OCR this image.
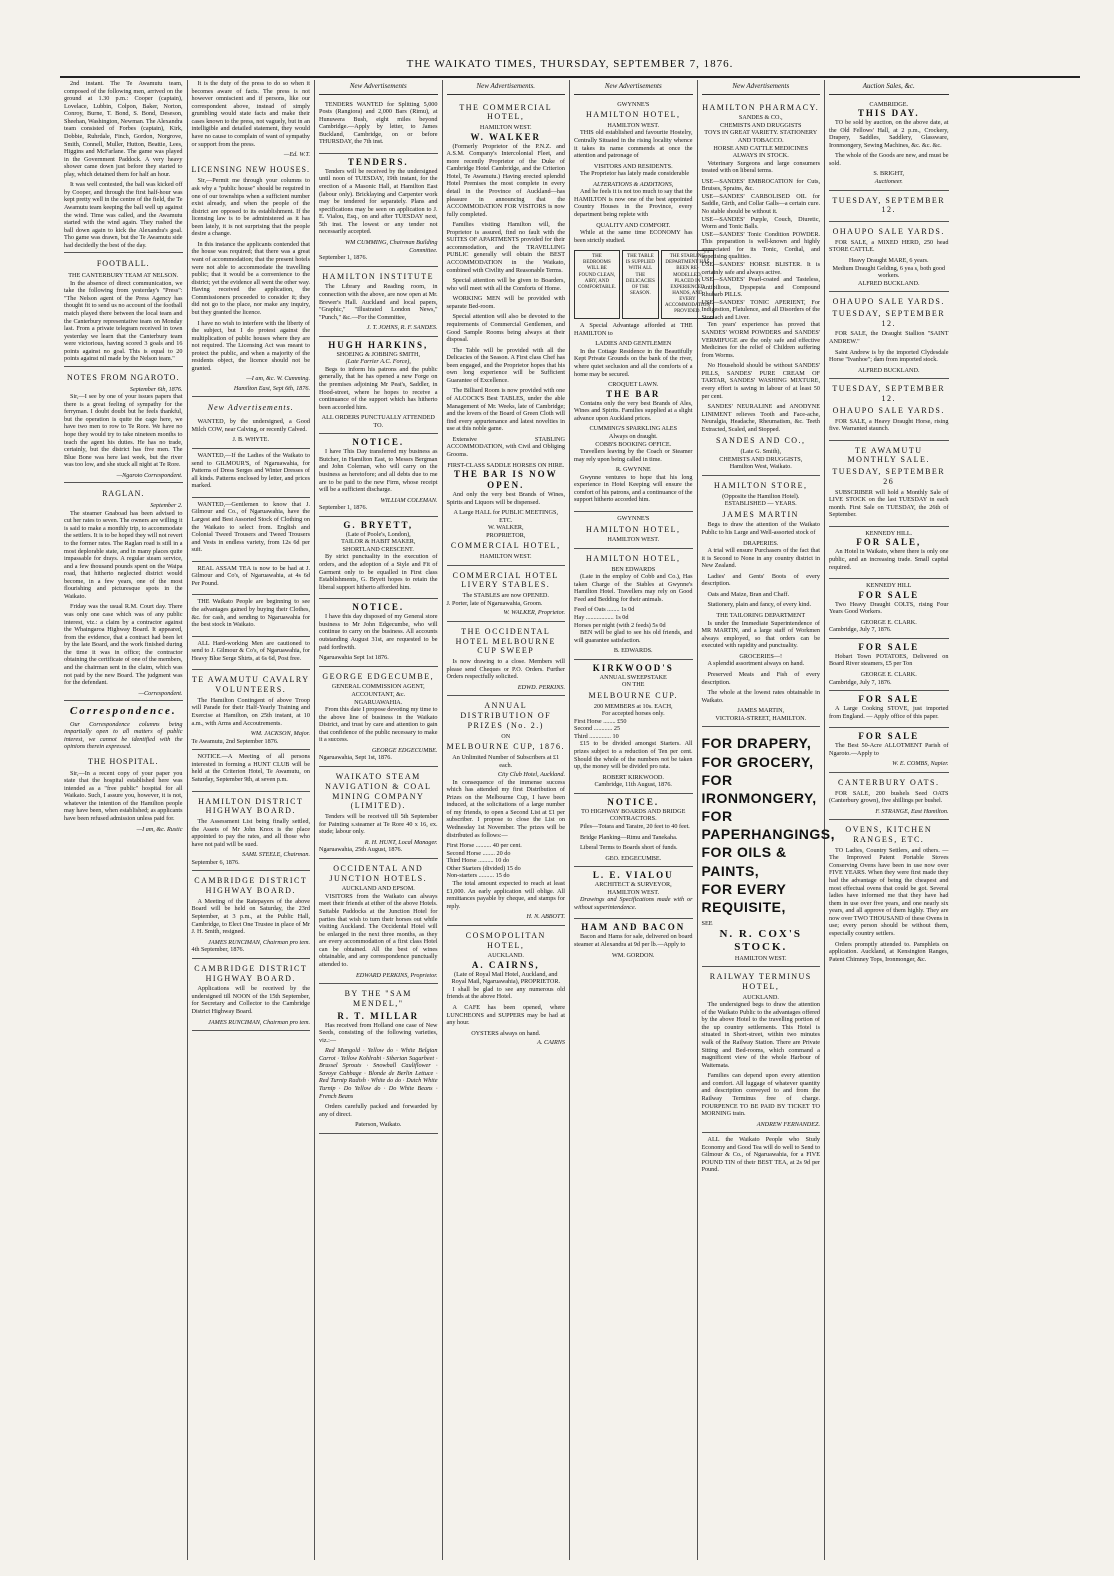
THE WAIKATO TIMES, THURSDAY, SEPTEMBER 7, 1876.

2nd instant. The Te Awamutu team, composed of the following men, arrived on the ground at 1.30 p.m.: Cooper (captain), Lovelace, Lubbin, Colpon, Baker, Norton, Conroy, Burne, T. Bond, S. Bond, Deseson, Sheehan, Washington, Newman. The Alexandra team consisted of Forbes (captain), Kirk, Dobbie, Ruhrdale, Finch, Gordon, Norgrove, Smith, Connell, Muller, Hutton, Beattie, Lees, Higgins and McFarlane. The game was played in the Government Paddock. A very heavy shower came down just before they started to play, which detained them for half an hour.

It was well contested, the ball was kicked off by Cooper, and through the first half-hour was kept pretty well in the centre of the field, the Te Awamutu team keeping the ball well up against the wind. Time was called, and the Awamutu started with the wind again. They rushed the ball down again to kick the Alexandra's goal. Tho game was drawn, but the Te Awamutu side had decidedly the best of the day.

FOOTBALL.
THE CANTERBURY TEAM AT NELSON.

In the absence of direct communication, we take the following from yesterday's "Press": "The Nelson agent of the Press Agency has thought fit to send us no account of the football match played there between the local team and the Canterbury representative team on Monday last. From a private telegram received in town yesterday we learn that the Canterbury team were victorious, having scored 3 goals and 16 points against no goal. This is equal to 20 points against nil made by the Nelson team."

NOTES FROM NGAROTO.
September 6th, 1876.

Sir,—I see by one of your issues papers that there is a great feeling of sympathy for the ferryman. I doubt doubt but he feels thankful, but the operation is quite the cage here, we have two men to row to Te Rore. We have no hope they would try to take nineteen months to teach the agent his duties. He has no trade, certainly, but the district has five men. The Blue Bone was here last week, but the river was too low, and she stuck all night at Te Rore.

—Ngaroto Correspondent.
RAGLAN.
September 2.

The steamer Gnaboad has been advised to cut her rates to seven. The owners are willing it is said to make a monthly trip, to accommodate the settlers. It is to be hoped they will not revert to the former rates. The Raglan road is still in a most deplorable state, and in many places quite impassable for drays. A regular steam service, and a few thousand pounds spent on the Waipa road, that hitherto neglected district would become, in a few years, one of the most flourishing and picturesque spots in the Waikato.

Friday was the usual R.M. Court day. There was only one case which was of any public interest, viz.: a claim by a contractor against the Whaingaroa Highway Board. It appeared, from the evidence, that a contract had been let by the late Board, and the work finished during the time it was in office; the contractor obtaining the certificate of one of the members, and the chairman sent in the claim, which was not paid by the new Board. The judgment was for the defendant.

—Correspondent.
Correspondence.

Our Correspondence columns being impartially open to all matters of public interest, we cannot be identified with the opinions therein expressed.

THE HOSPITAL.

Sir,—In a recent copy of your paper you state that the hospital established here was intended as a "free public" hospital for all Waikato. Such, I assure you, however, it is not, whatever the intention of the Hamilton people may have been, when established; as applicants have been refused admission unless paid for.

—I am, &c. Rustic

It is the duty of the press to do so when it becomes aware of facts. The press is not however omniscient and if persons, like our correspondent above, instead of simply grumbling would state facts and make their cases known to the press, not vaguely, but in an intelligible and detailed statement, they would have no cause to complain of want of sympathy or support from the press.

—Ed. W.T.
LICENSING NEW HOUSES.

Sir,—Permit me through your columns to ask why a "public house" should be required in one of our townships when a sufficient number exist already, and when the people of the district are opposed to its establishment. If the licensing law is to be administered as it has been lately, it is not surprising that the people desire a change.

In this instance the applicants contended that the house was required; that there was a great want of accommodation; that the present hotels were not able to accommodate the travelling public; that it would be a convenience to the district; yet the evidence all went the other way. Having received the application, the Commissioners proceeded to consider it; they did not go to the place, nor make any inquiry, but they granted the licence.

I have no wish to interfere with the liberty of the subject, but I do protest against the multiplication of public houses where they are not required. The Licensing Act was meant to protect the public, and when a majority of the residents object, the licence should not be granted.

—I am, &c. W. Cumming.
Hamilton East, Sept 6th, 1876.
New Advertisements.

WANTED, by the undersigned, a Good Milch COW, near Calving, or recently Calved.

J. B. WHYTE.

WANTED,—If the Ladies of the Waikato to send to GILMOUR'S, of Ngaruawahia, for Patterns of Dress Serges and Winter Dresses of all kinds. Patterns enclosed by letter, and prices marked.

WANTED,—Gentlemen to know that J. Gilmour and Co., of Ngaruawahia, have the Largest and Best Assorted Stock of Clothing on the Waikato to select from. English and Colonial Tweed Trousers and Tweed Trousers and Vests in endless variety, from 12s 6d per suit.

REAL ASSAM TEA is now to be had at J. Gilmour and Co's, of Ngaruawahia, at 4s 6d Per Pound.

THE Waikato People are beginning to see the advantages gained by buying their Clothes, &c. for cash, and sending to Ngaruawahia for the best stock in Waikato.

ALL Hard-working Men are cautioned to send to J. Gilmour & Co's, of Ngaruawahia, for Heavy Blue Serge Shirts, at 6s 6d, Post free.

TE AWAMUTU CAVALRY VOLUNTEERS.

The Hamilton Contingent of above Troop will Parade for their Half-Yearly Training and Exercise at Hamilton, on 25th instant, at 10 a.m., with Arms and Accoutrements.

WM. JACKSON, Major.
Te Awamutu, 2nd September 1876.

NOTICE.—A Meeting of all persons interested in forming a HUNT CLUB will be held at the Criterion Hotel, Te Awamutu, on Saturday, September 9th, at seven p.m.

HAMILTON DISTRICT HIGHWAY BOARD.

The Assessment List being finally settled, the Assets of Mr John Knox is the place appointed to pay the rates, and all those who have not paid will be sued.

SAML STEELE, Chairman.
September 6, 1876.
CAMBRIDGE DISTRICT HIGHWAY BOARD.

A Meeting of the Ratepayers of the above Board will be held on Saturday, the 23rd September, at 3 p.m., at the Public Hall, Cambridge, to Elect One Trustee in place of Mr J. H. Smith, resigned.

JAMES RUNCIMAN, Chairman pro tem.
4th September, 1876.
CAMBRIDGE DISTRICT HIGHWAY BOARD.

Applications will be received by the undersigned till NOON of the 15th September, for Secretary and Collector to the Cambridge District Highway Board.

JAMES RUNCIMAN, Chairman pro tem.
New Advertisements

TENDERS WANTED for Splitting 5,000 Posts (Rangiora) and 2,000 Bars (Rimu), at Hunuwera Bush, eight miles beyond Cambridge.—Apply by letter, to James Buckland, Cambridge, on or before THURSDAY, the 7th inst.

TENDERS.

Tenders will be received by the undersigned until noon of TUESDAY, 19th instant, for the erection of a Masonic Hall, at Hamilton East (labour only). Bricklaying and Carpenter work may be tendered for separately. Plans and specifications may be seen on application to J. E. Vialou, Esq., on and after TUESDAY next, 5th inst. The lowest or any tender not necessarily accepted.

WM CUMMING, Chairman Building Committee.
September 1, 1876.
HAMILTON INSTITUTE

The Library and Reading room, in connection with the above, are now open at Mr. Brewer's Hall. Auckland and local papers, "Graphic," "Illustrated London News," "Punch," &c.—For the Committee,

J. T. JOHNS, R. F. SANDES.
HUGH HARKINS,
SHOEING & JOBBING SMITH,
(Late Farrier A.C. Force),

Begs to inform his patrons and the public generally, that he has opened a new Forge on the premises adjoining Mr Peat's, Saddler, in Hood-street, where he hopes to receive a continuance of the support which has hitherto been accorded him.

ALL ORDERS PUNCTUALLY ATTENDED TO.
NOTICE.

I have This Day transferred my business as Butcher, in Hamilton East, to Messrs Bergman and John Coleman, who will carry on the business as heretofore; and all debts due to me are to be paid to the new Firm, whose receipt will be a sufficient discharge.

WILLIAM COLEMAN.
September 1, 1876.
G. BRYETT,
(Late of Poole's, London),
TAILOR & HABIT MAKER,
SHORTLAND CRESCENT.

By strict punctuality in the execution of orders, and the adoption of a Style and Fit of Garment only to be equalled in First class Establishments, G. Bryett hopes to retain the liberal support hitherto afforded him.

NOTICE.

I have this day disposed of my General store business to Mr John Edgecumbe, who will continue to carry on the business. All accounts outstanding August 31st, are requested to be paid forthwith.

Ngaruawahia Sept 1st 1876.
GEORGE EDGECUMBE,
GENERAL COMMISSION AGENT, ACCOUNTANT, &c.
NGARUAWAHIA.

From this date I propose devoting my time to the above line of business in the Waikato District, and trust by care and attention to gain that confidence of the public necessary to make it a success.

GEORGE EDGECUMBE.
Ngaruawahia, Sept 1st, 1876.
WAIKATO STEAM NAVIGATION & COAL MINING COMPANY (LIMITED).

Tenders will be received till 5th September for Painting s.steamer at Te Rore 40 x 16, ex. stude; labour only.

R. H. HUNT, Local Manager.
Ngaruawahia, 25th August, 1876.
OCCIDENTAL AND JUNCTION HOTELS.
AUCKLAND AND EPSOM.

VISITORS from the Waikato can always meet their friends at either of the above Hotels. Suitable Paddocks at the Junction Hotel for parties that wish to turn their horses out while visiting Auckland. The Occidental Hotel will be enlarged in the next three months, as they are every accommodation of a first class Hotel can be obtained. All the best of wines obtainable, and any correspondence punctually attended to.

EDWARD PERKINS, Proprietor.
BY THE "SAM MENDEL,"
R. T. MILLAR

Has received from Holland one case of New Seeds, consisting of the following varieties, viz.:—

Red Mangold · Yellow do · White Belgian Carrot · Yellow Kohlrabi · Siberian Sugarbeet · Brussel Sprouts · Snowball Cauliflower · Savoye Cabbage · Blonde de Berlin Lettuce · Red Turnip Radish · White do do · Dutch White Turnip · Do Yellow do · Do White Beans · French Beans

Orders carefully packed and forwarded by any of direct.

Paterson, Waikato.
New Advertisements.
THE COMMERCIAL HOTEL,
HAMILTON WEST.
W. WALKER

(Formerly Proprietor of the P.N.Z. and A.S.M. Company's Intercolonial Fleet, and more recently Proprietor of the Duke of Cambridge Hotel Cambridge, and the Criterion Hotel, Te Awamutu.) Having erected splendid Hotel Premises the most complete in every detail in the Province of Auckland—has pleasure in announcing that the ACCOMMODATION FOR VISITORS is now fully completed.

Families visiting Hamilton will, the Proprietor is assured, find no fault with the SUITES OF APARTMENTS provided for their accommodation, and the TRAVELLING PUBLIC generally will obtain the BEST ACCOMMODATION in the Waikato, combined with Civility and Reasonable Terms.

Special attention will be given to Boarders, who will meet with all the Comforts of Home.

WORKING MEN will be provided with separate Bed-room.

Special attention will also be devoted to the requirements of Commercial Gentlemen, and Good Sample Rooms being always at their disposal.

The Table will be provided with all the Delicacies of the Season. A First class Chef has been engaged, and the Proprietor hopes that his own long experience will be Sufficient Guarantee of Excellence.

The Billiard Room is now provided with one of ALCOCK'S Best TABLES, under the able Management of Mr. Weeks, late of Cambridge; and the lovers of the Board of Green Cloth will find every appurtenance and latest novelties in use at this noble game.

Extensive STABLING ACCOMMODATION, with Civil and Obliging Grooms.

FIRST-CLASS SADDLE HORSES ON HIRE.
THE BAR IS NOW OPEN.

And only the very best Brands of Wines, Spirits and Liquors will be dispensed.

A Large HALL for PUBLIC MEETINGS, ETC.
W. WALKER,
PROPRIETOR,
COMMERCIAL HOTEL,
HAMILTON WEST.
COMMERCIAL HOTEL LIVERY STABLES.
The STABLES are now OPENED.
J. Porter, late of Ngaruawahia, Groom.
W. WALKER, Proprietor.
THE OCCIDENTAL HOTEL MELBOURNE CUP SWEEP

Is now drawing to a close. Members will please send Cheques or P.O. Orders. Further Orders respectfully solicited.

EDWD. PERKINS.
ANNUAL DISTRIBUTION OF PRIZES (No. 2.)
ON
MELBOURNE CUP, 1876.
An Unlimited Number of Subscribers at £1 each.
City Club Hotel, Auckland.

In consequence of the immense success which has attended my first Distribution of Prizes on the Melbourne Cup, I have been induced, at the solicitations of a large number of my friends, to open a Second List at £1 per subscriber. I propose to close the List on Wednesday 1st November. The prizes will be distributed as follows:—

First Horse .......... 40 per cent.
Second Horse ........ 20 do
Third Horse .......... 10 do
Other Starters (divided) 15 do
Non-starters .......... 15 do

The total amount expected to reach at least £1,000. An early application will oblige. All remittances payable by cheque, and stamps for reply.

H. N. ABBOTT.
COSMOPOLITAN HOTEL,
AUCKLAND.
A. CAIRNS,
(Late of Royal Mail Hotel, Auckland, and Royal Mail, Ngaruawahia), PROPRIETOR.

I shall be glad to see any numerous old friends at the above Hotel.

A CAFE has been opened, where LUNCHEONS and SUPPERS may be had at any hour.

OYSTERS always on hand.
A. CAIRNS
New Advertisements
GWYNNE'S
HAMILTON HOTEL,
HAMILTON WEST.

THIS old established and favourite Hostelry, Centrally Situated in the rising locality whence it takes its name commends at once the attention and patronage of

VISITORS AND RESIDENTS.

The Proprietor has lately made considerable

ALTERATIONS & ADDITIONS,

And he feels it is not too much to say that the HAMILTON is now one of the best appointed Country Houses in the Province, every department being replete with

QUALITY AND COMFORT.

While at the same time ECONOMY has been strictly studied.

THE BEDROOMS WILL BE FOUND CLEAN, AIRY, AND COMFORTABLE.
THE TABLE IS SUPPLIED WITH ALL THE DELICACIES OF THE SEASON.
THE STABLING DEPARTMENT HAS BEEN RE-MODELLED, PLACED IN EXPERIENCED HANDS, AND EVERY ACCOMMODATION PROVIDED.

A Special Advantage afforded at THE HAMILTON to

LADIES AND GENTLEMEN

In the Cottage Residence in the Beautifully Kept Private Grounds on the bank of the river, where quiet seclusion and all the comforts of a home may be secured.

CROQUET LAWN.
THE BAR

Contains only the very best Brands of Ales, Wines and Spirits. Families supplied at a slight advance upon Auckland prices.

CUMMING'S SPARKLING ALES
Always on draught.
COBB'S BOOKING OFFICE.

Travellers leaving by the Coach or Steamer may rely upon being called in time.

R. GWYNNE

Gwynne ventures to hope that his long experience in Hotel Keeping will ensure the comfort of his patrons, and a continuance of the support hitherto accorded him.

GWYNNE'S
HAMILTON HOTEL,
HAMILTON WEST.
HAMILTON HOTEL,
BEN EDWARDS

(Late in the employ of Cobb and Co.), Has taken Charge of the Stables at Gwynne's Hamilton Hotel. Travellers may rely on Good Feed and Bedding for their animals.

Feed of Oats ........ 1s 0d
Hay .................. 1s 0d
Horses per night (with 2 feeds) 5s 0d

BEN will be glad to see his old friends, and will guarantee satisfaction.

B. EDWARDS.
KIRKWOOD'S
ANNUAL SWEEPSTAKE
ON THE
MELBOURNE CUP.
200 MEMBERS at 10s. EACH,
For accepted horses only.
First Horse ........ £50
Second ............ 25
Third .............. 10

£15 to be divided amongst Starters. All prizes subject to a reduction of Ten per cent. Should the whole of the numbers not be taken up, the money will be divided pro rata.

ROBERT KIRKWOOD.
Cambridge, 11th August, 1876.
NOTICE.
TO HIGHWAY BOARDS AND BRIDGE CONTRACTORS.

Piles—Totara and Taraire, 20 feet to 40 feet.

Bridge Planking—Rimu and Tanekaha.

Liberal Terms to Boards short of funds.

GEO. EDGECUMBE.
L. E. VIALOU
ARCHITECT & SURVEYOR,
HAMILTON WEST.

Drawings and Specifications made with or without superintendence.

HAM AND BACON

Bacon and Hams for sale, delivered on board steamer at Alexandra at 9d per lb.—Apply to

WM. GORDON.
New Advertisements
HAMILTON PHARMACY.
SANDES & CO.,
CHEMISTS AND DRUGGISTS
TOYS IN GREAT VARIETY. STATIONERY AND TOBACCO.
HORSE AND CATTLE MEDICINES ALWAYS IN STOCK.

Veterinary Surgeons and large consumers treated with on liberal terms.

USE—SANDES' EMBROCATION for Cuts, Bruises, Sprains, &c.
USE—SANDES' CARBOLISED OIL for Saddle, Girth, and Collar Galls—a certain cure. No stable should be without it.
USE—SANDES' Purple, Couch, Diuretic, Worm and Tonic Balls.
USE—SANDES' Tonic Condition POWDER. This preparation is well-known and highly appreciated for its Tonic, Cordial, and appetising qualities.
USE—SANDES' HORSE BLISTER. It is certainly safe and always active.
USE—SANDES' Pearl-coated and Tasteless, Antibilious, Dyspepsia and Compound Rhubarb PILLS.
USE—SANDES' TONIC APERIENT, For Indigestion, Flatulence, and all Disorders of the Stomach and Liver.

Ten years' experience has proved that SANDES' WORM POWDERS and SANDES' VERMIFUGE are the only safe and effective Medicines for the relief of Children suffering from Worms.

No Household should be without SANDES' PILLS, SANDES' PURE CREAM OF TARTAR, SANDES' WASHING MIXTURE, every effort is saving in labour of at least 50 per cent.

SANDES' NEURALINE and ANODYNE LINIMENT relieves Tooth and Face-ache, Neuralgia, Headache, Rheumatism, &c. Teeth Extracted, Scaled, and Stopped.

SANDES AND CO.,
(Late G. Smith),
CHEMISTS AND DRUGGISTS,
Hamilton West, Waikato.
HAMILTON STORE,
(Opposite the Hamilton Hotel).
ESTABLISHED — YEARS.
JAMES MARTIN

Begs to draw the attention of the Waikato Public to his Large and Well-assorted stock of

DRAPERIES.

A trial will ensure Purchasers of the fact that it is Second to None in any country district in New Zealand.

Ladies' and Gents' Boots of every description.

Oats and Maize, Bran and Chaff.

Stationery, plain and fancy, of every kind.

THE TAILORING DEPARTMENT

Is under the Immediate Superintendence of MR MARTIN, and a large staff of Workmen always employed, so that orders can be executed with rapidity and punctuality.

GROCERIES—!

A splendid assortment always on hand.

Preserved Meats and Fish of every description.

The whole at the lowest rates obtainable in Waikato.

JAMES MARTIN,
VICTORIA-STREET, HAMILTON.
FOR DRAPERY,
FOR GROCERY,
FOR IRONMONGERY,
FOR PAPERHANGINGS,
FOR OILS & PAINTS,
FOR EVERY REQUISITE,
SEE
N. R. COX'S STOCK.
HAMILTON WEST.
RAILWAY TERMINUS HOTEL,
AUCKLAND.

The undersigned begs to draw the attention of the Waikato Public to the advantages offered by the above Hotel to the travelling portion of the up country settlements. This Hotel is situated in Short-street, within two minutes walk of the Railway Station. There are Private Sitting and Bed-rooms, which command a magnificent view of the whole Harbour of Waitemata.

Families can depend upon every attention and comfort. All luggage of whatever quantity and description conveyed to and from the Railway Terminus free of charge. FOURPENCE TO BE PAID BY TICKET TO MORNING train.

ANDREW FERNANDEZ.

ALL the Waikato People who Study Economy and Good Tea will do well to Send to Gilmour & Co., of Ngaruawahia, for a FIVE POUND TIN of their BEST TEA, at 2s 9d per Pound.

Auction Sales, &c.
CAMBRIDGE.
THIS DAY.

TO be sold by auction, on the above date, at the Old Fellows' Hall, at 2 p.m., Crockery, Drapery, Saddles, Saddlery, Glassware, Ironmongery, Sewing Machines, &c. &c. &c.

The whole of the Goods are new, and must be sold.

S. BRIGHT,
Auctioneer.
TUESDAY, SEPTEMBER 12.
OHAUPO SALE YARDS.

FOR SALE, a MIXED HERD, 250 head STORE CATTLE.

Heavy Draught MARE, 6 years.
Medium Draught Gelding, 6 yea s, both good workers.
ALFRED BUCKLAND.
OHAUPO SALE YARDS.
TUESDAY, SEPTEMBER 12.

FOR SALE, the Draught Stallion "SAINT ANDREW."

Saint Andrew is by the imported Clydesdale Horse "Ivanhoe"; dam from imported stock.

ALFRED BUCKLAND.
TUESDAY, SEPTEMBER 12.
OHAUPO SALE YARDS.

FOR SALE, a Heavy Draught Horse, rising five. Warranted staunch.

TE AWAMUTU MONTHLY SALE.
TUESDAY, SEPTEMBER 26

SUBSCRIBER will hold a Monthly Sale of LIVE STOCK on the last TUESDAY in each month. First Sale on TUESDAY, the 26th of September.

KENNEDY HILL.
FOR SALE,

An Hotel in Waikato, where there is only one public, and an increasing trade. Small capital required.

KENNEDY HILL
FOR SALE

Two Heavy Draught COLTS, rising Four Years Good Workers.

GEORGE E. CLARK.
Cambridge, July 7, 1876.
FOR SALE

Hobart Town POTATOES, Delivered on Board River steamers, £5 per Ton

GEORGE E. CLARK.
Cambridge, July 7, 1876.
FOR SALE

A Large Cooking STOVE, just imported from England. — Apply office of this paper.

FOR SALE

The Best 50-Acre ALLOTMENT Parish of Ngaroto.—Apply to

W. E. COMBS, Napier.
CANTERBURY OATS.

FOR SALE, 200 bushels Seed OATS (Canterbury grown), five shillings per bushel.

F. STRANGE, East Hamilton.
OVENS, KITCHEN RANGES, ETC.

TO Ladies, Country Settlers, and others. —The Improved Patent Portable Stoves Conserving Ovens have been in use now over FIVE YEARS. When they were first made they had the advantage of being the cheapest and most effectual ovens that could be got. Several ladies have informed me that they have had them in use over five years, and one nearly six years, and all approve of them highly. They are now over TWO THOUSAND of these Ovens in use; every person should be without them, especially country settlers.

Orders promptly attended to. Pamphlets on application. Auckland, at Kensington Ranges, Patent Chimney Tops, Ironmonger, &c.
